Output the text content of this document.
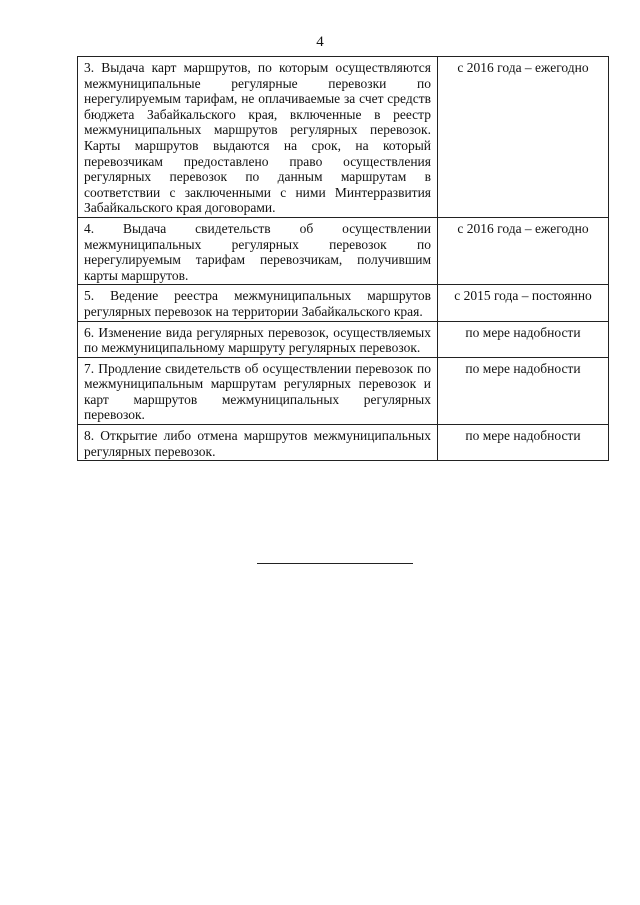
4
3. Выдача карт маршрутов, по которым осуществляются межмуниципальные регулярные перевозки по нерегулируемым тарифам, не оплачиваемые за счет средств бюджета Забайкальского края, включенные в реестр межмуниципальных маршрутов регулярных перевозок. Карты маршрутов выдаются на срок, на который перевозчикам предоставлено право осуществления регулярных перевозок по данным маршрутам в соответствии с заключенными с ними Минтерразвития Забайкальского края договорами.	с 2016 года – ежегодно
4. Выдача свидетельств об осуществлении межмуниципальных регулярных перевозок по нерегулируемым тарифам перевозчикам, получившим карты маршрутов.	с 2016 года – ежегодно
5. Ведение реестра межмуниципальных маршрутов регулярных перевозок на территории Забайкальского края.	с 2015 года – постоянно
6. Изменение вида регулярных перевозок, осуществляемых по межмуниципальному маршруту регулярных перевозок.	по мере надобности
7. Продление свидетельств об осуществлении перевозок по межмуниципальным маршрутам регулярных перевозок и карт маршрутов межмуниципальных регулярных перевозок.	по мере надобности
8. Открытие либо отмена маршрутов межмуниципальных регулярных перевозок.	по мере надобности
